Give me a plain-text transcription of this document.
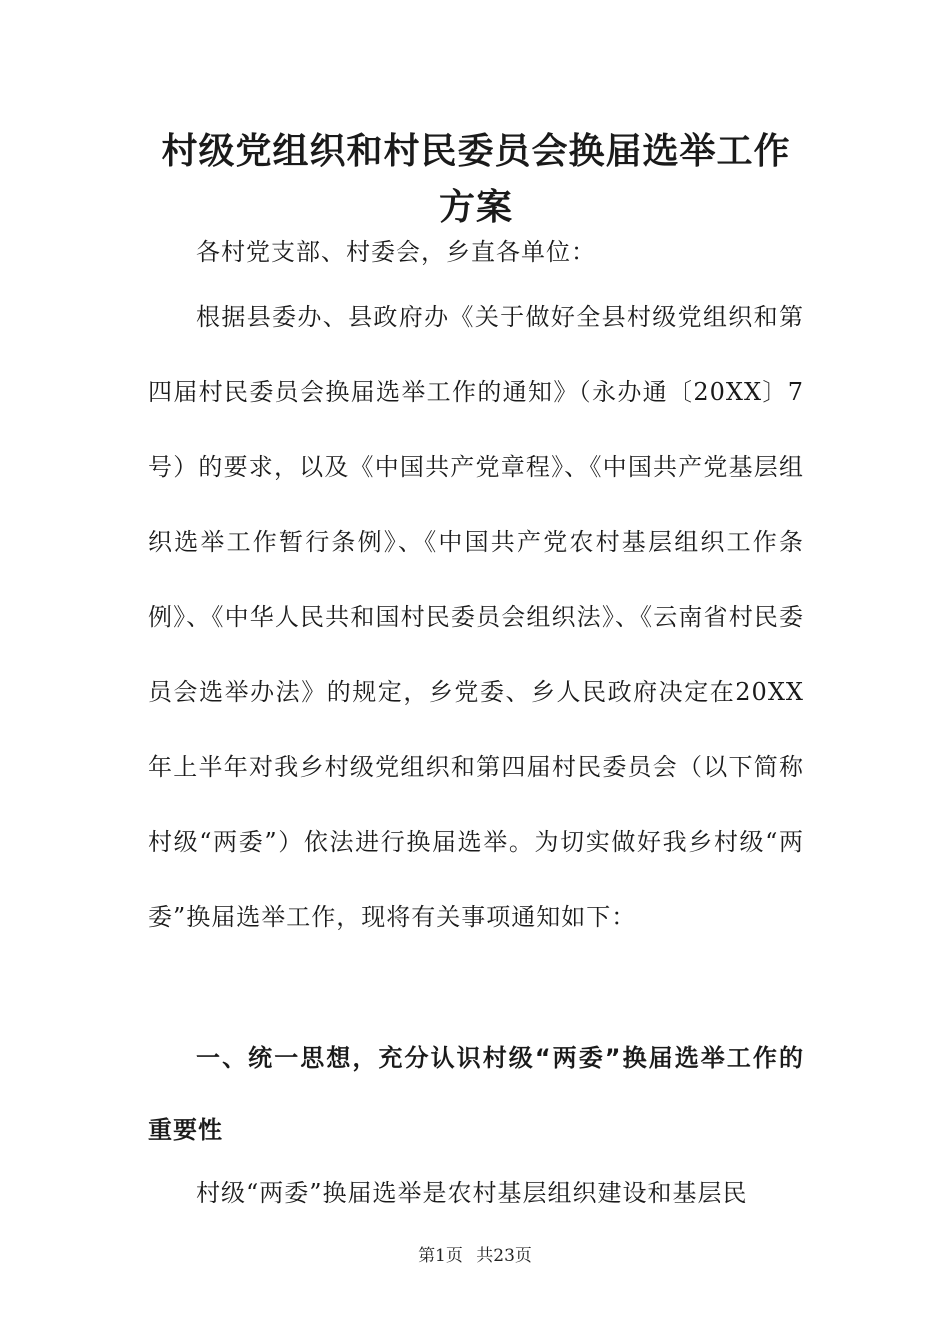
村级党组织和村民委员会换届选举工作方案

各村党支部、村委会，乡直各单位：

根据县委办、县政府办《关于做好全县村级党组织和第四届村民委员会换届选举工作的通知》（永办通〔20XX〕7号）的要求，以及《中国共产党章程》、《中国共产党基层组织选举工作暂行条例》、《中国共产党农村基层组织工作条例》、《中华人民共和国村民委员会组织法》、《云南省村民委员会选举办法》的规定，乡党委、乡人民政府决定在20XX年上半年对我乡村级党组织和第四届村民委员会（以下简称村级“两委”）依法进行换届选举。为切实做好我乡村级“两委”换届选举工作，现将有关事项通知如下：

一、统一思想，充分认识村级“两委”换届选举工作的重要性

村级“两委”换届选举是农村基层组织建设和基层民

第1页 共23页
